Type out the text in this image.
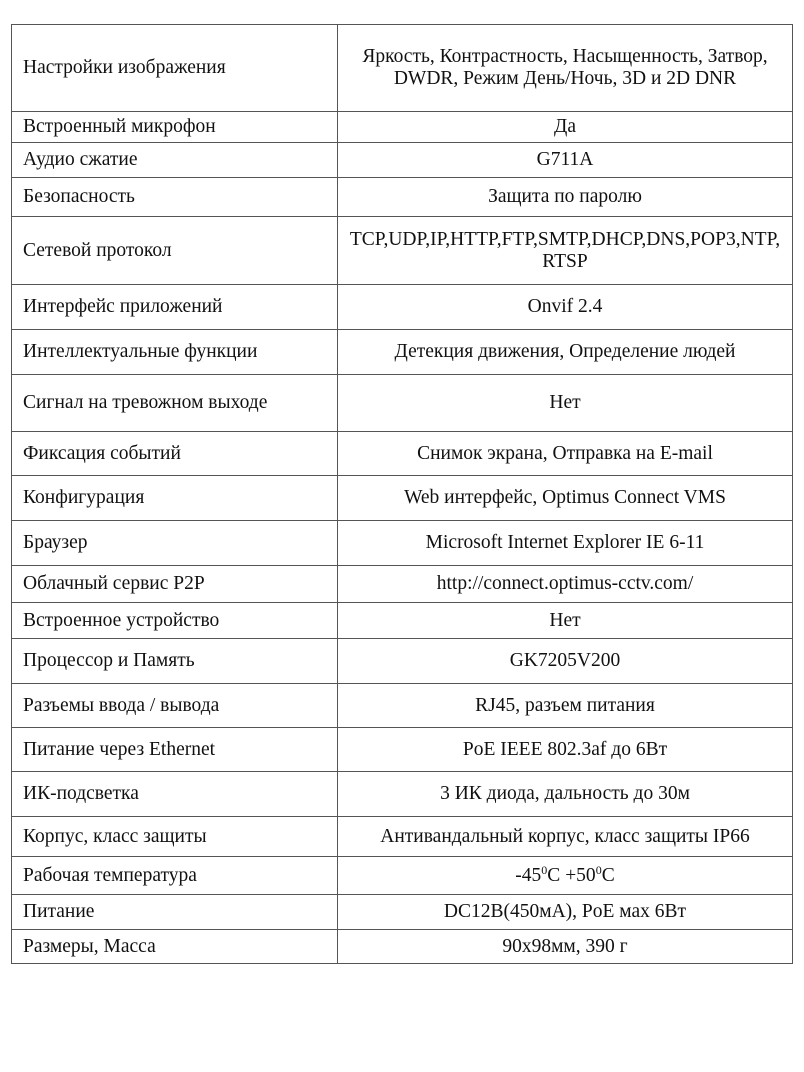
Настройки изображения	Яркость, Контрастность, Насыщенность, Затвор, DWDR, Режим День/Ночь, 3D и 2D DNR
Встроенный микрофон	Да
Аудио сжатие	G711A
Безопасность	Защита по паролю
Сетевой протокол	TCP,UDP,IP,HTTP,FTP,SMTP,DHCP,DNS,POP3,NTP,RTSP
Интерфейс приложений	Onvif 2.4
Интеллектуальные функции	Детекция движения, Определение людей
Сигнал на тревожном выходе	Нет
Фиксация событий	Снимок экрана, Отправка на E-mail
Конфигурация	Web интерфейс, Optimus Connect VMS
Браузер	Microsoft Internet Explorer IE 6-11
Облачный сервис P2P	http://connect.optimus-cctv.com/
Встроенное устройство	Нет
Процессор и Память	GK7205V200
Разъемы ввода / вывода	RJ45, разъем питания
Питание через Ethernet	PoE IEEE 802.3af до 6Вт
ИК-подсветка	3 ИК диода, дальность до 30м
Корпус, класс защиты	Антивандальный корпус, класс защиты IP66
Рабочая температура	$-45^0C +50^0C$
Питание	DC12В(450мА), PoE мах 6Вт
Размеры, Масса	90х98мм, 390 г
